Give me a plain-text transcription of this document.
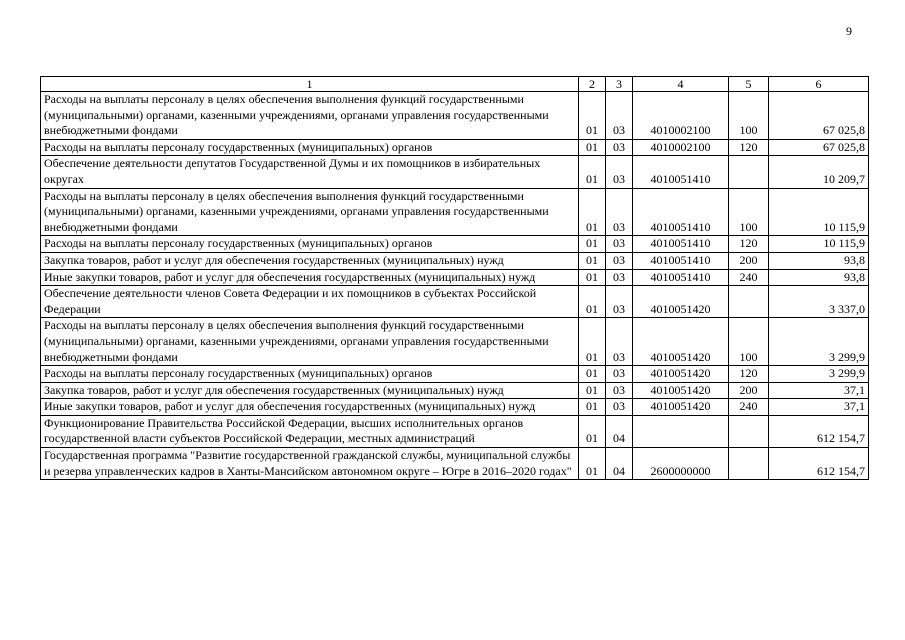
9
1	2	3	4	5	6
Расходы на выплаты персоналу в целях обеспечения выполнения функций государственными (муниципальными) органами, казенными учреждениями, органами управления государственными внебюджетными фондами	01	03	4010002100	100	67 025,8
Расходы на выплаты персоналу государственных (муниципальных) органов	01	03	4010002100	120	67 025,8
Обеспечение деятельности депутатов Государственной Думы и их помощников в избирательных округах	01	03	4010051410		10 209,7
Расходы на выплаты персоналу в целях обеспечения выполнения функций государственными (муниципальными) органами, казенными учреждениями, органами управления государственными внебюджетными фондами	01	03	4010051410	100	10 115,9
Расходы на выплаты персоналу государственных (муниципальных) органов	01	03	4010051410	120	10 115,9
Закупка товаров, работ и услуг для обеспечения государственных (муниципальных) нужд	01	03	4010051410	200	93,8
Иные закупки товаров, работ и услуг для обеспечения государственных (муниципальных) нужд	01	03	4010051410	240	93,8
Обеспечение деятельности членов Совета Федерации и их помощников в субъектах Российской Федерации	01	03	4010051420		3 337,0
Расходы на выплаты персоналу в целях обеспечения выполнения функций государственными (муниципальными) органами, казенными учреждениями, органами управления государственными внебюджетными фондами	01	03	4010051420	100	3 299,9
Расходы на выплаты персоналу государственных (муниципальных) органов	01	03	4010051420	120	3 299,9
Закупка товаров, работ и услуг для обеспечения государственных (муниципальных) нужд	01	03	4010051420	200	37,1
Иные закупки товаров, работ и услуг для обеспечения государственных (муниципальных) нужд	01	03	4010051420	240	37,1
Функционирование Правительства Российской Федерации, высших исполнительных органов государственной власти субъектов Российской Федерации, местных администраций	01	04			612 154,7
Государственная программа "Развитие государственной гражданской службы, муниципальной службы и резерва управленческих кадров в Ханты-Мансийском автономном округе – Югре в 2016–2020 годах"	01	04	2600000000		612 154,7
